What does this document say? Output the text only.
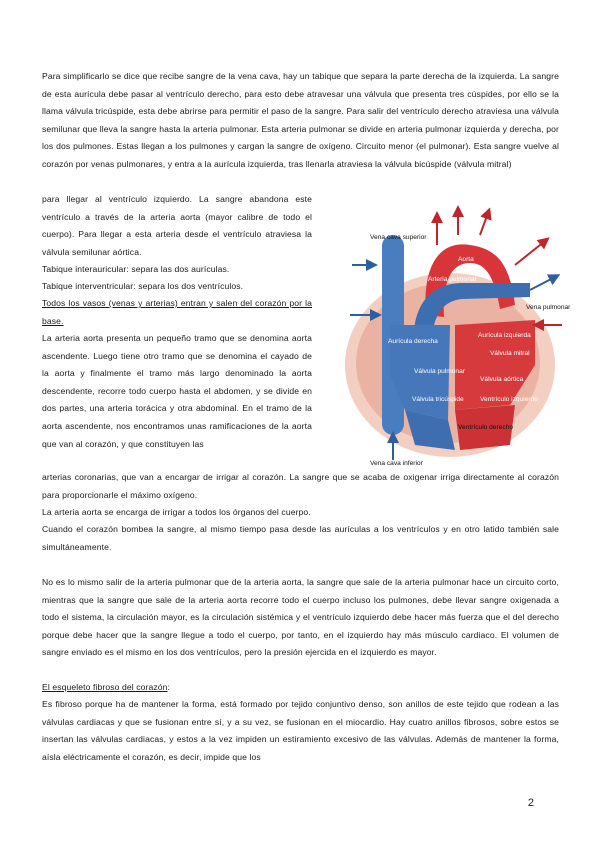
Para simplificarlo se dice que recibe sangre de la vena cava, hay un tabique que separa la parte derecha de la izquierda. La sangre de esta aurícula debe pasar al ventrículo derecho, para esto debe atravesar una válvula que presenta tres cúspides, por ello se la llama válvula tricúspide, esta debe abrirse para permitir el paso de la sangre. Para salir del ventrículo derecho atraviesa una válvula semilunar que lleva la sangre hasta la arteria pulmonar. Esta arteria pulmonar se divide en arteria pulmonar izquierda y derecha, por los dos pulmones. Estas llegan a los pulmones y cargan la sangre de oxígeno. Circuito menor (el pulmonar). Esta sangre vuelve al corazón por venas pulmonares, y entra a la aurícula izquierda, tras llenarla atraviesa la válvula bicúspide (válvula mitral)

para llegar al ventrículo izquierdo. La sangre abandona este ventrículo a través de la arteria aorta (mayor calibre de todo el cuerpo). Para llegar a esta arteria desde el ventrículo atraviesa la válvula semilunar aórtica.

Tabique interauricular: separa las dos aurículas.

Tabique interventricular: separa los dos ventrículos.

Todos los vasos (venas y arterias) entran y salen del corazón por la base.

La arteria aorta presenta un pequeño tramo que se denomina aorta ascendente. Luego tiene otro tramo que se denomina el cayado de la aorta y finalmente el tramo más largo denominado la aorta descendente, recorre todo cuerpo hasta el abdomen, y se divide en dos partes, una arteria torácica y otra abdominal. En el tramo de la aorta ascendente, nos encontramos unas ramificaciones de la aorta que van al corazón, y que constituyen las

arterias coronarias, que van a encargar de irrigar al corazón. La sangre que se acaba de oxigenar irriga directamente al corazón para proporcionarle el máximo oxígeno.

La arteria aorta se encarga de irrigar a todos los órganos del cuerpo.

Cuando el corazón bombea la sangre, al mismo tiempo pasa desde las aurículas a los ventrículos y en otro latido también sale simultáneamente.

No es lo mismo salir de la arteria pulmonar que de la arteria aorta, la sangre que sale de la arteria pulmonar hace un circuito corto, mientras que la sangre que sale de la arteria aorta recorre todo el cuerpo incluso los pulmones, debe llevar sangre oxigenada a todo el sistema, la circulación mayor, es la circulación sistémica y el ventrículo izquierdo debe hacer más fuerza que el del derecho porque debe hacer que la sangre llegue a todo el cuerpo, por tanto, en el izquierdo hay más músculo cardiaco. El volumen de sangre enviado es el mismo en los dos ventrículos, pero la presión ejercida en el izquierdo es mayor.

El esqueleto fibroso del corazón:

Es fibroso porque ha de mantener la forma, está formado por tejido conjuntivo denso, son anillos de este tejido que rodean a las válvulas cardiacas y que se fusionan entre sí, y a su vez, se fusionan en el miocardio. Hay cuatro anillos fibrosos, sobre estos se insertan las válvulas cardiacas, y estos a la vez impiden un estiramiento excesivo de las válvulas. Además de mantener la forma, aísla eléctricamente el corazón, es decir, impide que los

Vena cava superior
Aorta
Arteria pulmonar
Vena pulmonar
Aurícula izquierda
Aurícula derecha
Válvula pulmonar
Válvula mitral
Válvula aórtica
Ventrículo izquierdo
Válvula tricúspide
Ventrículo derecho
Vena cava inferior
2
